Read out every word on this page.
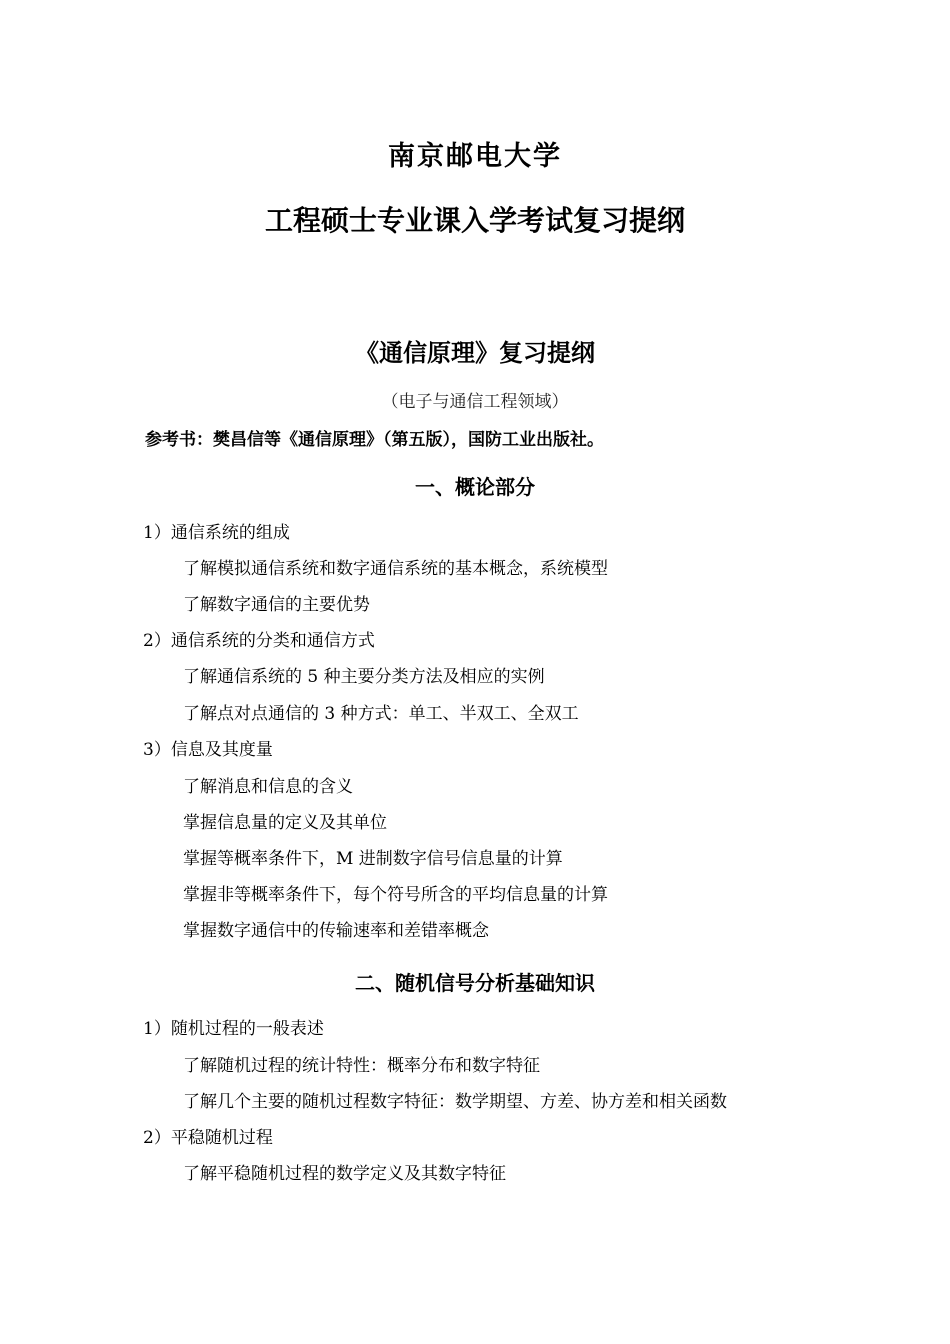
南京邮电大学
工程硕士专业课入学考试复习提纲
《通信原理》复习提纲
（电子与通信工程领域）
参考书：樊昌信等《通信原理》（第五版），国防工业出版社。
一、概论部分
1）通信系统的组成
了解模拟通信系统和数字通信系统的基本概念，系统模型
了解数字通信的主要优势
2）通信系统的分类和通信方式
了解通信系统的 5 种主要分类方法及相应的实例
了解点对点通信的 3 种方式：单工、半双工、全双工
3）信息及其度量
了解消息和信息的含义
掌握信息量的定义及其单位
掌握等概率条件下，M 进制数字信号信息量的计算
掌握非等概率条件下，每个符号所含的平均信息量的计算
掌握数字通信中的传输速率和差错率概念
二、随机信号分析基础知识
1）随机过程的一般表述
了解随机过程的统计特性：概率分布和数字特征
了解几个主要的随机过程数字特征：数学期望、方差、协方差和相关函数
2）平稳随机过程
了解平稳随机过程的数学定义及其数字特征
